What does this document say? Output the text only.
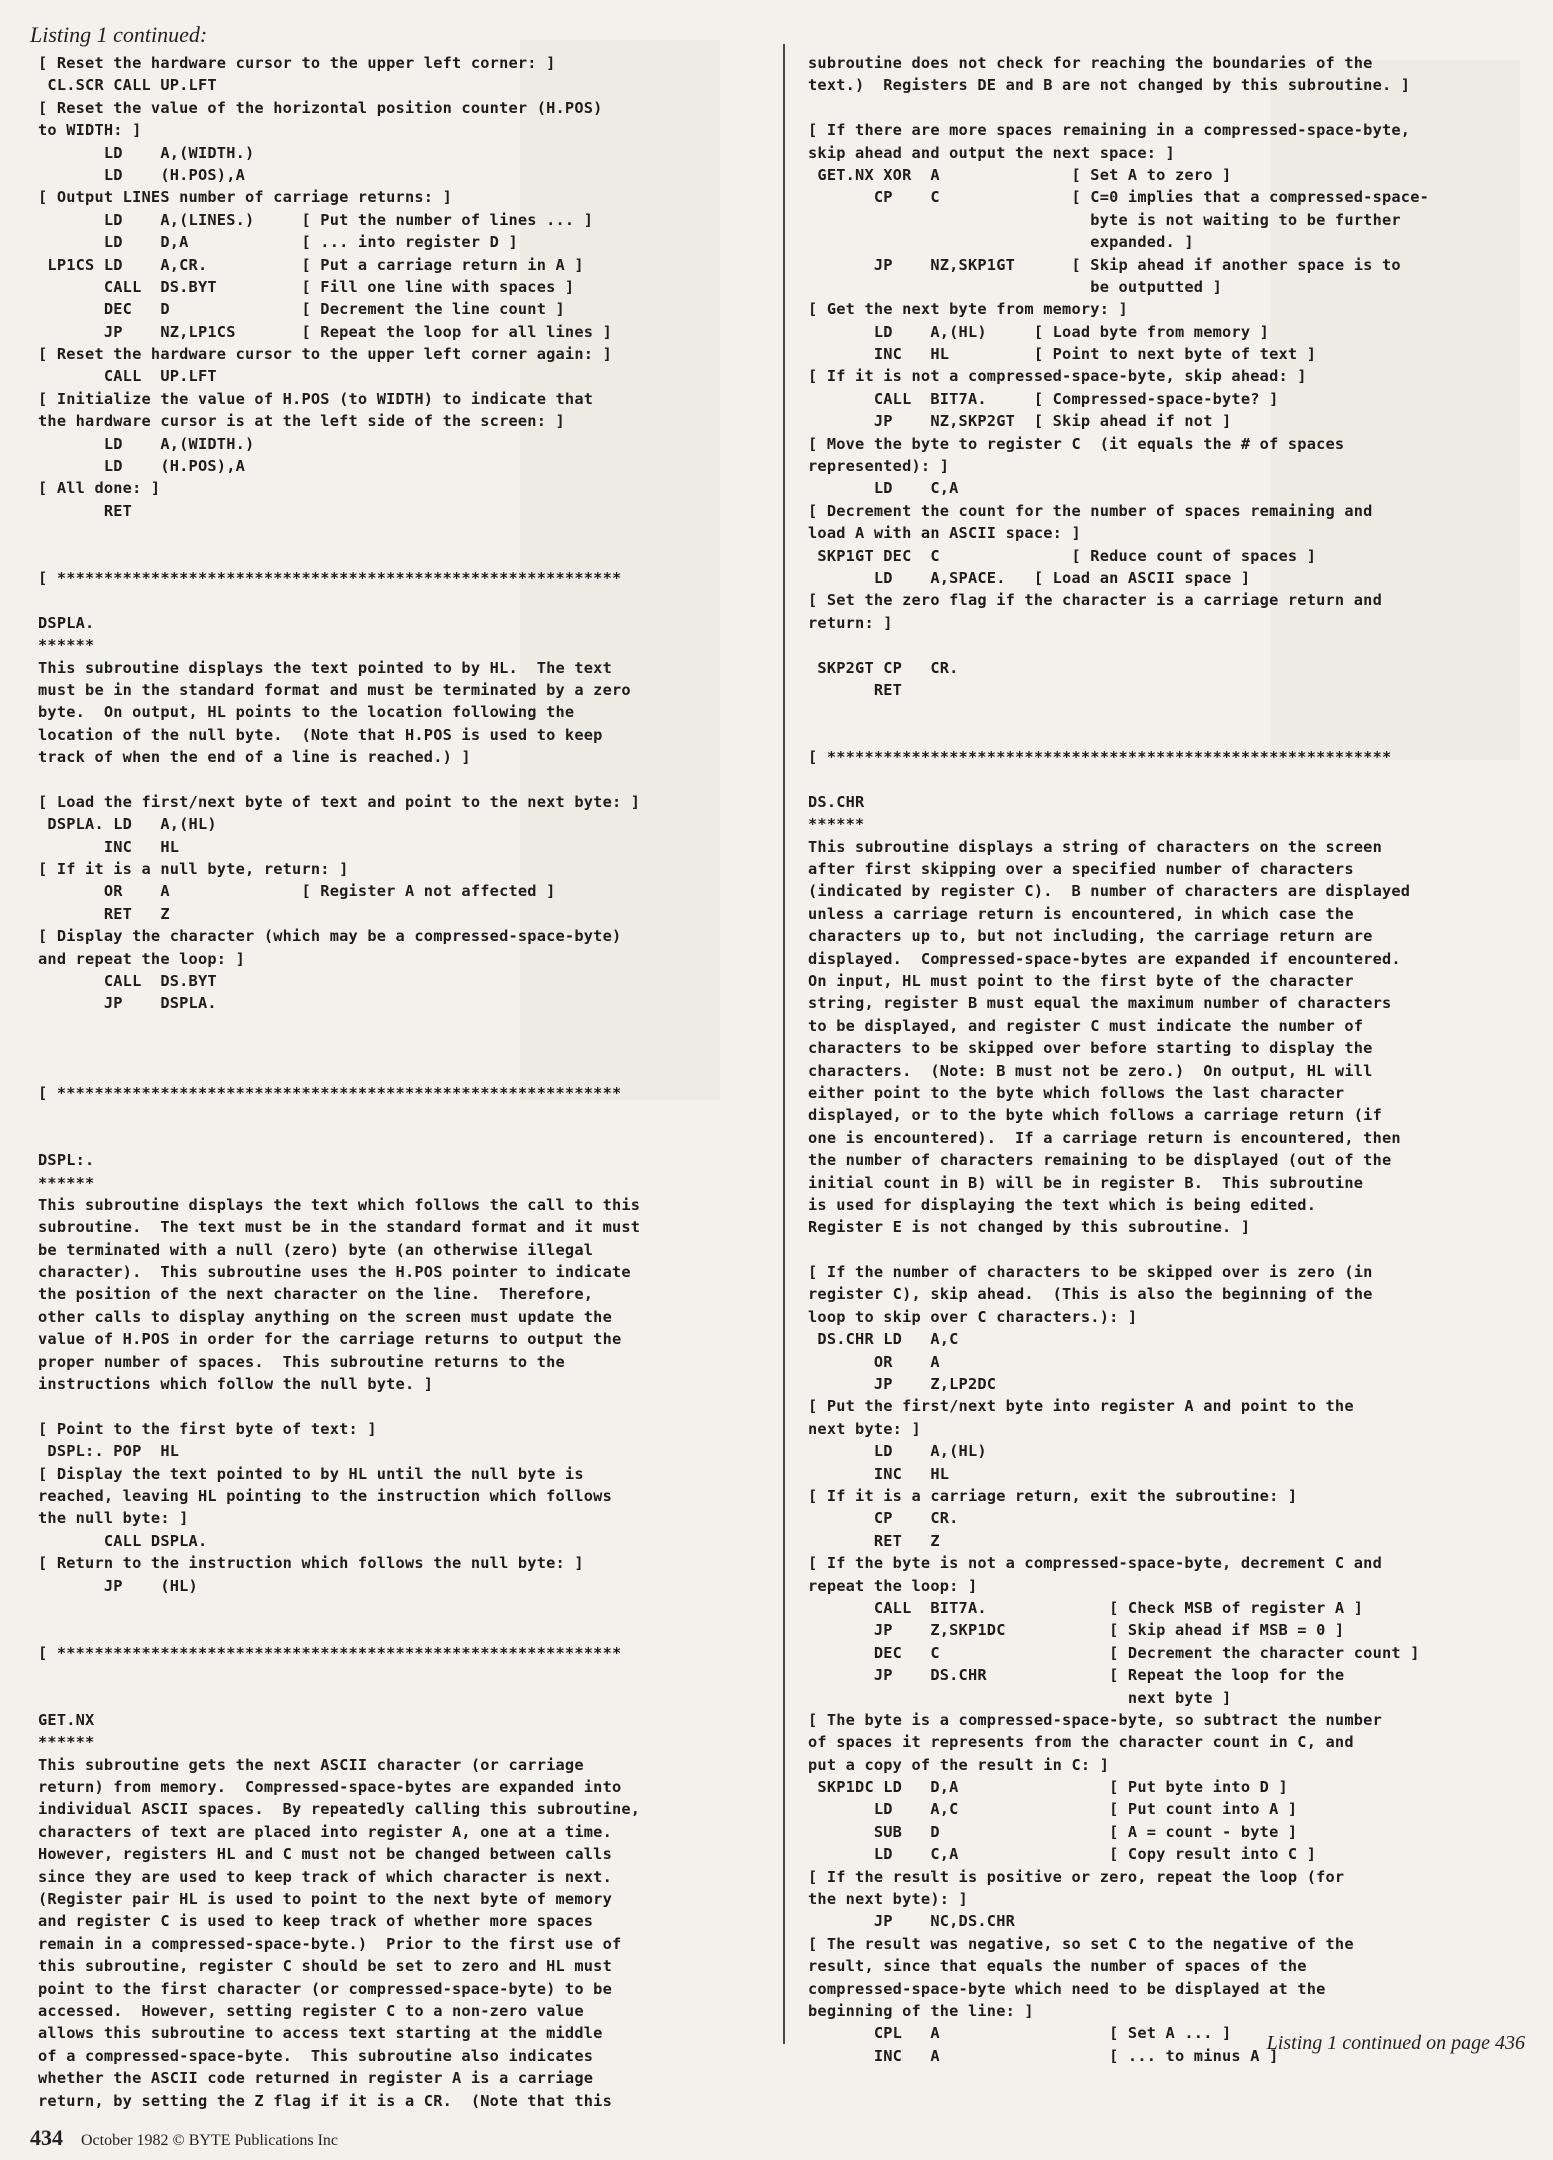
Listing 1 continued:
[ Reset the hardware cursor to the upper left corner: ]
CL.SCR CALL UP.LFT
[ Reset the value of the horizontal position counter (H.POS)
to WIDTH: ]
LD    A,(WIDTH.)
LD    (H.POS),A
[ Output LINES number of carriage returns: ]
LD    A,(LINES.)     [ Put the number of lines ... ]
LD    D,A            [ ... into register D ]
LP1CS LD    A,CR.          [ Put a carriage return in A ]
CALL  DS.BYT         [ Fill one line with spaces ]
DEC   D              [ Decrement the line count ]
JP    NZ,LP1CS       [ Repeat the loop for all lines ]
[ Reset the hardware cursor to the upper left corner again: ]
CALL  UP.LFT
[ Initialize the value of H.POS (to WIDTH) to indicate that
the hardware cursor is at the left side of the screen: ]
LD    A,(WIDTH.)
LD    (H.POS),A
[ All done: ]
RET
[ ************************************************************
DSPLA.
******
This subroutine displays the text pointed to by HL.  The text
must be in the standard format and must be terminated by a zero
byte.  On output, HL points to the location following the
location of the null byte.  (Note that H.POS is used to keep
track of when the end of a line is reached.) ]
[ Load the first/next byte of text and point to the next byte: ]
DSPLA. LD   A,(HL)
INC   HL
[ If it is a null byte, return: ]
OR    A              [ Register A not affected ]
RET   Z
[ Display the character (which may be a compressed-space-byte)
and repeat the loop: ]
CALL  DS.BYT
JP    DSPLA.
[ ************************************************************
DSPL:.
******
This subroutine displays the text which follows the call to this
subroutine.  The text must be in the standard format and it must
be terminated with a null (zero) byte (an otherwise illegal
character).  This subroutine uses the H.POS pointer to indicate
the position of the next character on the line.  Therefore,
other calls to display anything on the screen must update the
value of H.POS in order for the carriage returns to output the
proper number of spaces.  This subroutine returns to the
instructions which follow the null byte. ]
[ Point to the first byte of text: ]
DSPL:. POP  HL
[ Display the text pointed to by HL until the null byte is
reached, leaving HL pointing to the instruction which follows
the null byte: ]
CALL DSPLA.
[ Return to the instruction which follows the null byte: ]
JP    (HL)
[ ************************************************************
GET.NX
******
This subroutine gets the next ASCII character (or carriage
return) from memory.  Compressed-space-bytes are expanded into
individual ASCII spaces.  By repeatedly calling this subroutine,
characters of text are placed into register A, one at a time.
However, registers HL and C must not be changed between calls
since they are used to keep track of which character is next.
(Register pair HL is used to point to the next byte of memory
and register C is used to keep track of whether more spaces
remain in a compressed-space-byte.)  Prior to the first use of
this subroutine, register C should be set to zero and HL must
point to the first character (or compressed-space-byte) to be
accessed.  However, setting register C to a non-zero value
allows this subroutine to access text starting at the middle
of a compressed-space-byte.  This subroutine also indicates
whether the ASCII code returned in register A is a carriage
return, by setting the Z flag if it is a CR.  (Note that this
subroutine does not check for reaching the boundaries of the
text.)  Registers DE and B are not changed by this subroutine. ]
[ If there are more spaces remaining in a compressed-space-byte,
skip ahead and output the next space: ]
GET.NX XOR  A              [ Set A to zero ]
CP    C              [ C=0 implies that a compressed-space-
byte is not waiting to be further
expanded. ]
JP    NZ,SKP1GT      [ Skip ahead if another space is to
be outputted ]
[ Get the next byte from memory: ]
LD    A,(HL)     [ Load byte from memory ]
INC   HL         [ Point to next byte of text ]
[ If it is not a compressed-space-byte, skip ahead: ]
CALL  BIT7A.     [ Compressed-space-byte? ]
JP    NZ,SKP2GT  [ Skip ahead if not ]
[ Move the byte to register C  (it equals the # of spaces
represented): ]
LD    C,A
[ Decrement the count for the number of spaces remaining and
load A with an ASCII space: ]
SKP1GT DEC  C              [ Reduce count of spaces ]
LD    A,SPACE.   [ Load an ASCII space ]
[ Set the zero flag if the character is a carriage return and
return: ]
SKP2GT CP   CR.
RET
[ ************************************************************
DS.CHR
******
This subroutine displays a string of characters on the screen
after first skipping over a specified number of characters
(indicated by register C).  B number of characters are displayed
unless a carriage return is encountered, in which case the
characters up to, but not including, the carriage return are
displayed.  Compressed-space-bytes are expanded if encountered.
On input, HL must point to the first byte of the character
string, register B must equal the maximum number of characters
to be displayed, and register C must indicate the number of
characters to be skipped over before starting to display the
characters.  (Note: B must not be zero.)  On output, HL will
either point to the byte which follows the last character
displayed, or to the byte which follows a carriage return (if
one is encountered).  If a carriage return is encountered, then
the number of characters remaining to be displayed (out of the
initial count in B) will be in register B.  This subroutine
is used for displaying the text which is being edited.
Register E is not changed by this subroutine. ]
[ If the number of characters to be skipped over is zero (in
register C), skip ahead.  (This is also the beginning of the
loop to skip over C characters.): ]
DS.CHR LD   A,C
OR    A
JP    Z,LP2DC
[ Put the first/next byte into register A and point to the
next byte: ]
LD    A,(HL)
INC   HL
[ If it is a carriage return, exit the subroutine: ]
CP    CR.
RET   Z
[ If the byte is not a compressed-space-byte, decrement C and
repeat the loop: ]
CALL  BIT7A.             [ Check MSB of register A ]
JP    Z,SKP1DC           [ Skip ahead if MSB = 0 ]
DEC   C                  [ Decrement the character count ]
JP    DS.CHR             [ Repeat the loop for the
next byte ]
[ The byte is a compressed-space-byte, so subtract the number
of spaces it represents from the character count in C, and
put a copy of the result in C: ]
SKP1DC LD   D,A                [ Put byte into D ]
LD    A,C                [ Put count into A ]
SUB   D                  [ A = count - byte ]
LD    C,A                [ Copy result into C ]
[ If the result is positive or zero, repeat the loop (for
the next byte): ]
JP    NC,DS.CHR
[ The result was negative, so set C to the negative of the
result, since that equals the number of spaces of the
compressed-space-byte which need to be displayed at the
beginning of the line: ]
CPL   A                  [ Set A ... ]
INC   A                  [ ... to minus A ]
Listing 1 continued on page 436
434 October 1982 © BYTE Publications Inc
